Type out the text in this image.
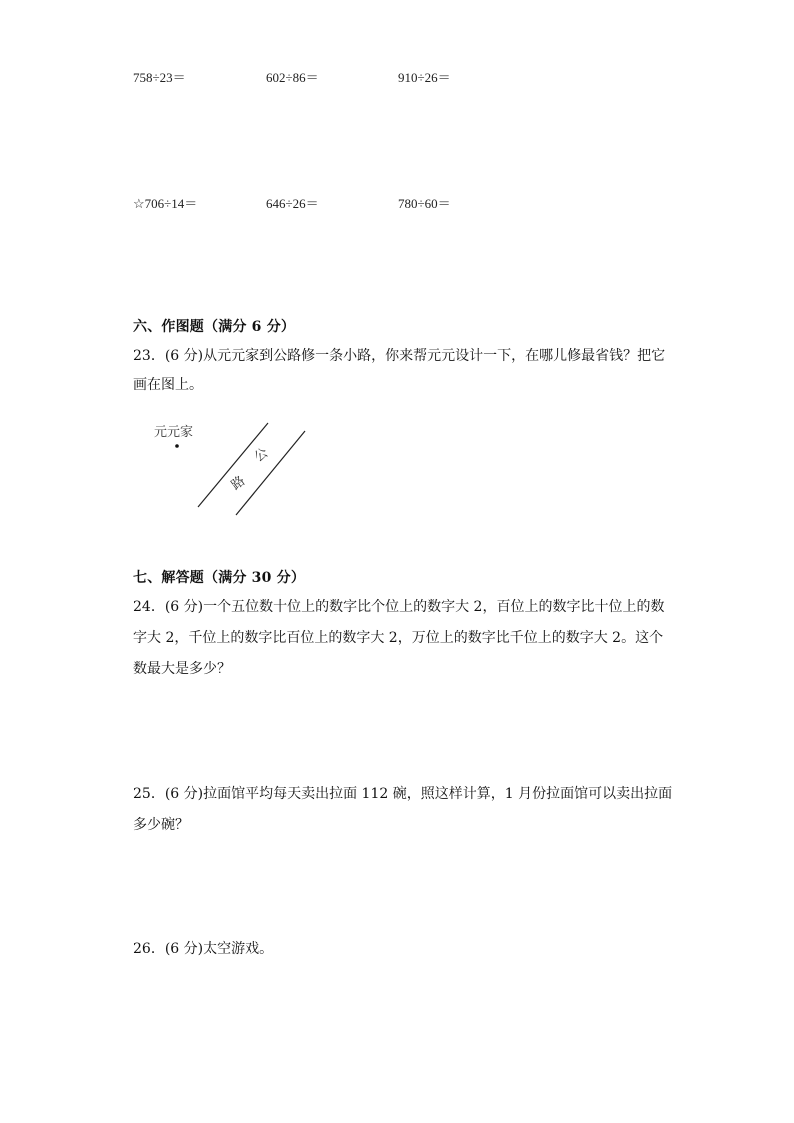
758÷23＝	602÷86＝	910÷26＝
☆706÷14＝	646÷26＝	780÷60＝
六、作图题（满分 6 分）
23．(6 分)从元元家到公路修一条小路，你来帮元元设计一下，在哪儿修最省钱？把它
画在图上。
元元家
公
路
七、解答题（满分 30 分）
24．(6 分)一个五位数十位上的数字比个位上的数字大 2，百位上的数字比十位上的数
字大 2，千位上的数字比百位上的数字大 2，万位上的数字比千位上的数字大 2。这个
数最大是多少？
25．(6 分)拉面馆平均每天卖出拉面 112 碗，照这样计算，1 月份拉面馆可以卖出拉面
多少碗？
26．(6 分)太空游戏。
